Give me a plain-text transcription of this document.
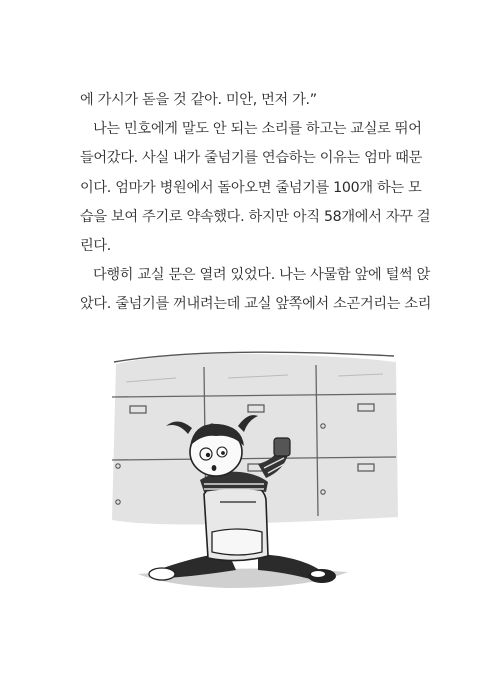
에 가시가 돋을 것 같아. 미안, 먼저 가.”
나는 민호에게 말도 안 되는 소리를 하고는 교실로 뛰어
들어갔다. 사실 내가 줄넘기를 연습하는 이유는 엄마 때문
이다. 엄마가 병원에서 돌아오면 줄넘기를 100개 하는 모
습을 보여 주기로 약속했다. 하지만 아직 58개에서 자꾸 걸
린다.
다행히 교실 문은 열려 있었다. 나는 사물함 앞에 털썩 앉
았다. 줄넘기를 꺼내려는데 교실 앞쪽에서 소곤거리는 소리
